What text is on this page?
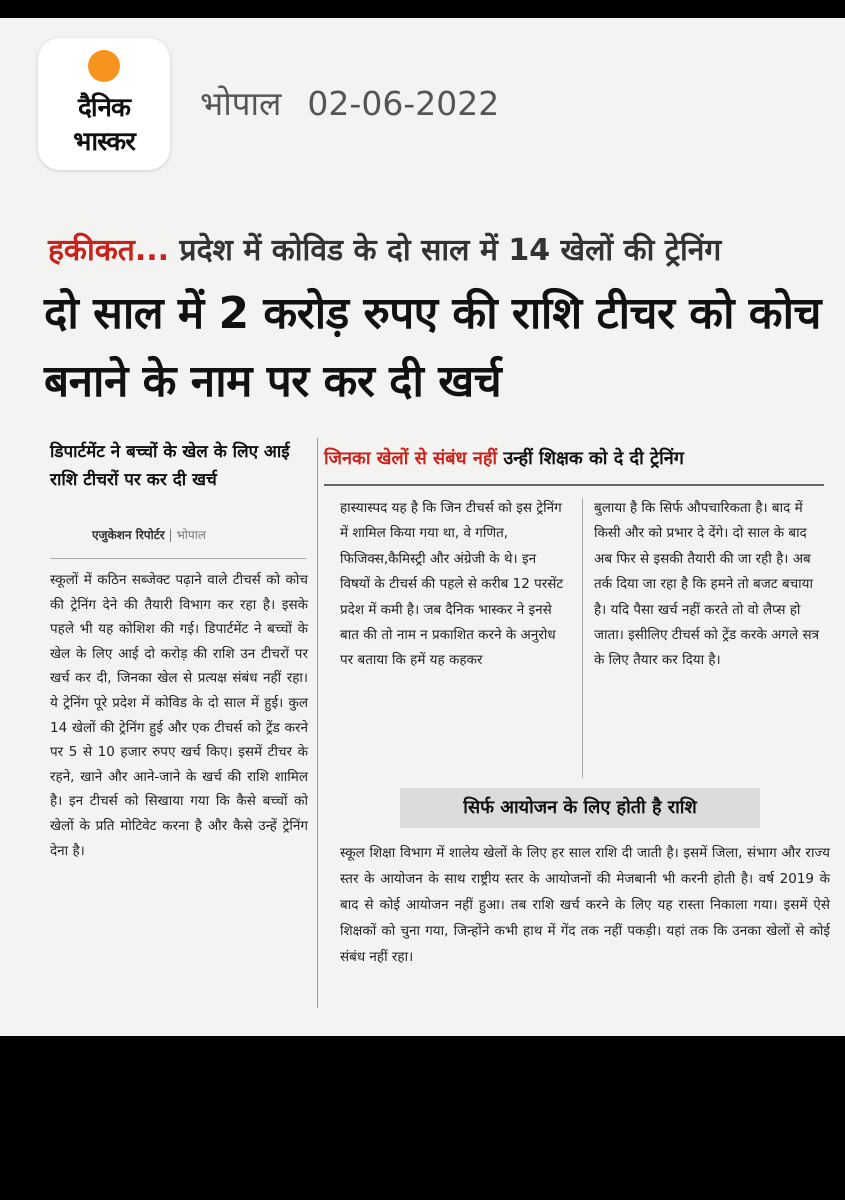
दैनिक
भास्कर
भोपाल 02-06-2022
हकीकत... प्रदेश में कोविड के दो साल में 14 खेलों की ट्रेनिंग
दो साल में 2 करोड़ रुपए की राशि टीचर को कोच बनाने के नाम पर कर दी खर्च
डिपार्टमेंट ने बच्चों के खेल के लिए आई राशि टीचरों पर कर दी खर्च
एजुकेशन रिपोर्टर | भोपाल
स्कूलों में कठिन सब्जेक्ट पढ़ाने वाले टीचर्स को कोच की ट्रेनिंग देने की तैयारी विभाग कर रहा है। इसके पहले भी यह कोशिश की गई। डिपार्टमेंट ने बच्चों के खेल के लिए आई दो करोड़ की राशि उन टीचरों पर खर्च कर दी, जिनका खेल से प्रत्यक्ष संबंध नहीं रहा। ये ट्रेनिंग पूरे प्रदेश में कोविड के दो साल में हुई। कुल 14 खेलों की ट्रेनिंग हुई और एक टीचर्स को ट्रेंड करने पर 5 से 10 हजार रुपए खर्च किए। इसमें टीचर के रहने, खाने और आने-जाने के खर्च की राशि शामिल है। इन टीचर्स को सिखाया गया कि कैसे बच्चों को खेलों के प्रति मोटिवेट करना है और कैसे उन्हें ट्रेनिंग देना है।
जिनका खेलों से संबंध नहीं उन्हीं शिक्षक को दे दी ट्रेनिंग
हास्यास्पद यह है कि जिन टीचर्स को इस ट्रेनिंग में शामिल किया गया था, वे गणित, फिजिक्स,कैमिस्ट्री और अंग्रेजी के थे। इन विषयों के टीचर्स की पहले से करीब 12 परसेंट प्रदेश में कमी है। जब दैनिक भास्कर ने इनसे बात की तो नाम न प्रकाशित करने के अनुरोध पर बताया कि हमें यह कहकर
बुलाया है कि सिर्फ औपचारिकता है। बाद में किसी और को प्रभार दे देंगे। दो साल के बाद अब फिर से इसकी तैयारी की जा रही है। अब तर्क दिया जा रहा है कि हमने तो बजट बचाया है। यदि पैसा खर्च नहीं करते तो वो लैप्स हो जाता। इसीलिए टीचर्स को ट्रेंड करके अगले सत्र के लिए तैयार कर दिया है।
सिर्फ आयोजन के लिए होती है राशि
स्कूल शिक्षा विभाग में शालेय खेलों के लिए हर साल राशि दी जाती है। इसमें जिला, संभाग और राज्य स्तर के आयोजन के साथ राष्ट्रीय स्तर के आयोजनों की मेजबानी भी करनी होती है। वर्ष 2019 के बाद से कोई आयोजन नहीं हुआ। तब राशि खर्च करने के लिए यह रास्ता निकाला गया। इसमें ऐसे शिक्षकों को चुना गया, जिन्होंने कभी हाथ में गेंद तक नहीं पकड़ी। यहां तक कि उनका खेलों से कोई संबंध नहीं रहा।
